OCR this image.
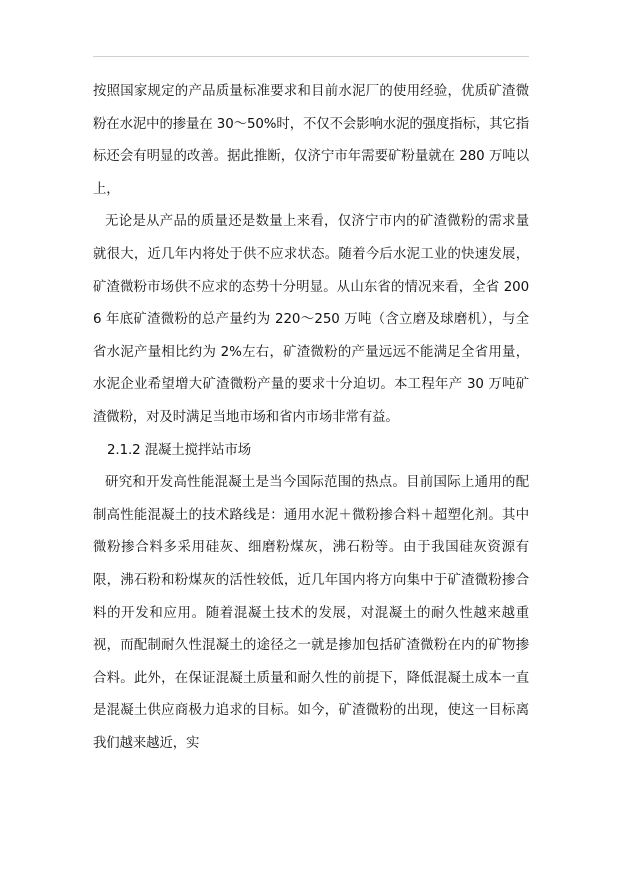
按照国家规定的产品质量标准要求和目前水泥厂的使用经验，优质矿渣微粉在水泥中的掺量在 30～50%时，不仅不会影响水泥的强度指标，其它指标还会有明显的改善。据此推断，仅济宁市年需要矿粉量就在 280 万吨以上，

无论是从产品的质量还是数量上来看，仅济宁市内的矿渣微粉的需求量就很大，近几年内将处于供不应求状态。随着今后水泥工业的快速发展，矿渣微粉市场供不应求的态势十分明显。从山东省的情况来看，全省 2006 年底矿渣微粉的总产量约为 220～250 万吨（含立磨及球磨机），与全省水泥产量相比约为 2%左右，矿渣微粉的产量远远不能满足全省用量，水泥企业希望增大矿渣微粉产量的要求十分迫切。本工程年产 30 万吨矿渣微粉，对及时满足当地市场和省内市场非常有益。

2.1.2 混凝土搅拌站市场

研究和开发高性能混凝土是当今国际范围的热点。目前国际上通用的配制高性能混凝土的技术路线是：通用水泥＋微粉掺合料＋超塑化剂。其中微粉掺合料多采用硅灰、细磨粉煤灰，沸石粉等。由于我国硅灰资源有限，沸石粉和粉煤灰的活性较低，近几年国内将方向集中于矿渣微粉掺合料的开发和应用。随着混凝土技术的发展，对混凝土的耐久性越来越重视，而配制耐久性混凝土的途径之一就是掺加包括矿渣微粉在内的矿物掺合料。此外，在保证混凝土质量和耐久性的前提下，降低混凝土成本一直是混凝土供应商极力追求的目标。如今，矿渣微粉的出现，使这一目标离我们越来越近，实
